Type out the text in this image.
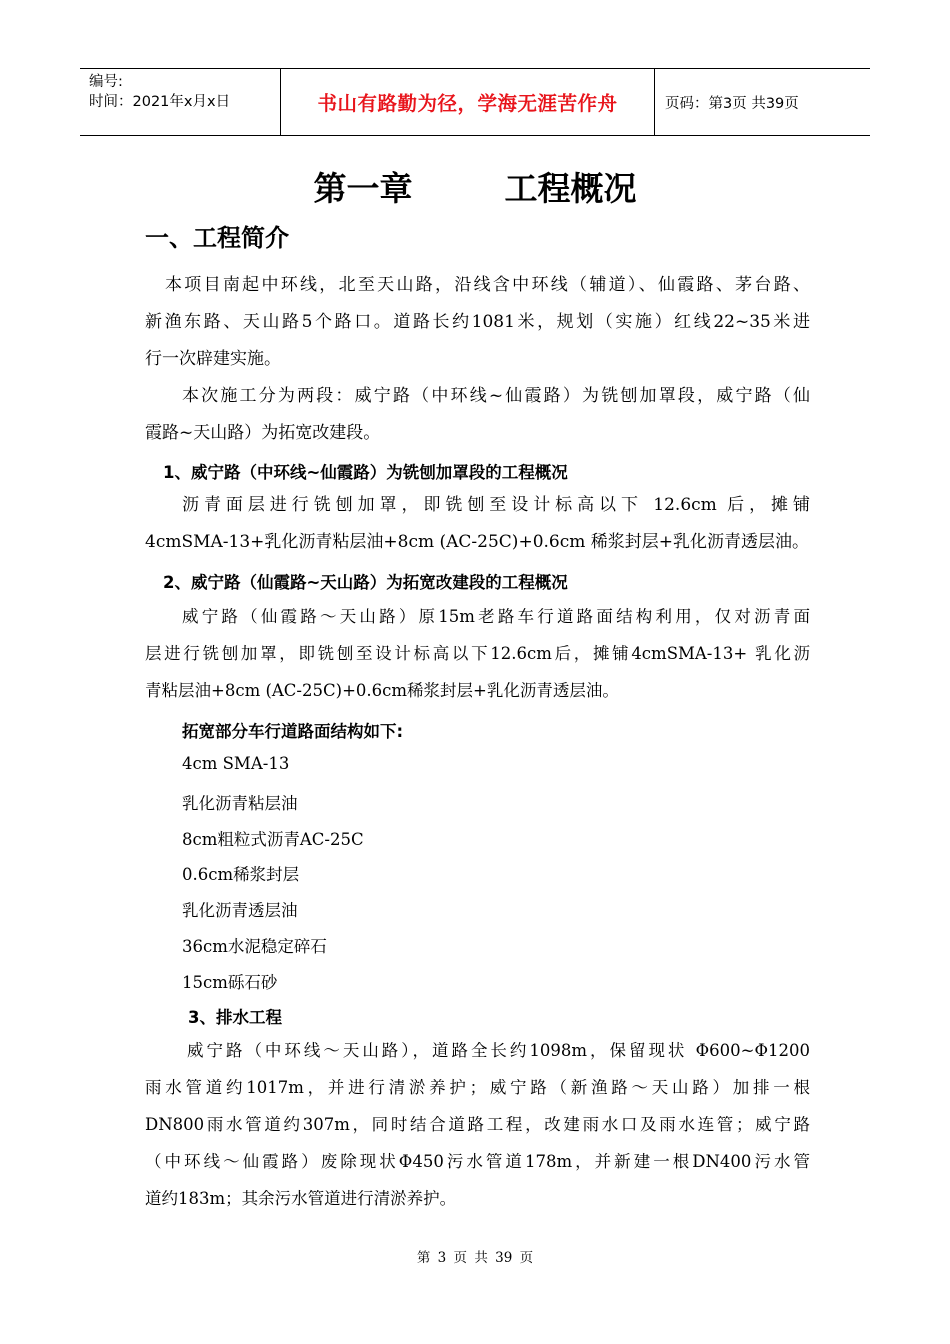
编号:
时间：2021年x月x日	书山有路勤为径，学海无涯苦作舟	页码：第3页 共39页
第一章        工程概况
一、工程简介
本项目南起中环线，北至天山路，沿线含中环线（辅道）、仙霞路、茅台路、
新渔东路、天山路5个路口。道路长约1081米，规划（实施）红线22~35米进
行一次辟建实施。
本次施工分为两段：威宁路（中环线~仙霞路）为铣刨加罩段，威宁路（仙
霞路~天山路）为拓宽改建段。
1、威宁路（中环线~仙霞路）为铣刨加罩段的工程概况
沥青面层进行铣刨加罩，即铣刨至设计标高以下 12.6cm 后，摊铺
4cmSMA-13+乳化沥青粘层油+8cm (AC-25C)+0.6cm 稀浆封层+乳化沥青透层油。
2、威宁路（仙霞路~天山路）为拓宽改建段的工程概况
威宁路（仙霞路～天山路）原15m老路车行道路面结构利用，仅对沥青面
层进行铣刨加罩，即铣刨至设计标高以下12.6cm后，摊铺4cmSMA-13+ 乳化沥
青粘层油+8cm (AC-25C)+0.6cm稀浆封层+乳化沥青透层油。
拓宽部分车行道路面结构如下:
4cm SMA-13
乳化沥青粘层油
8cm粗粒式沥青AC-25C
0.6cm稀浆封层
乳化沥青透层油
36cm水泥稳定碎石
15cm砾石砂
3、排水工程
威宁路（中环线～天山路），道路全长约1098m，保留现状 Φ600~Φ1200
雨水管道约1017m，并进行清淤养护；威宁路（新渔路～天山路）加排一根
DN800雨水管道约307m，同时结合道路工程，改建雨水口及雨水连管；威宁路
（中环线～仙霞路）废除现状Φ450污水管道178m，并新建一根DN400污水管
道约183m；其余污水管道进行清淤养护。
第 3 页 共 39 页
